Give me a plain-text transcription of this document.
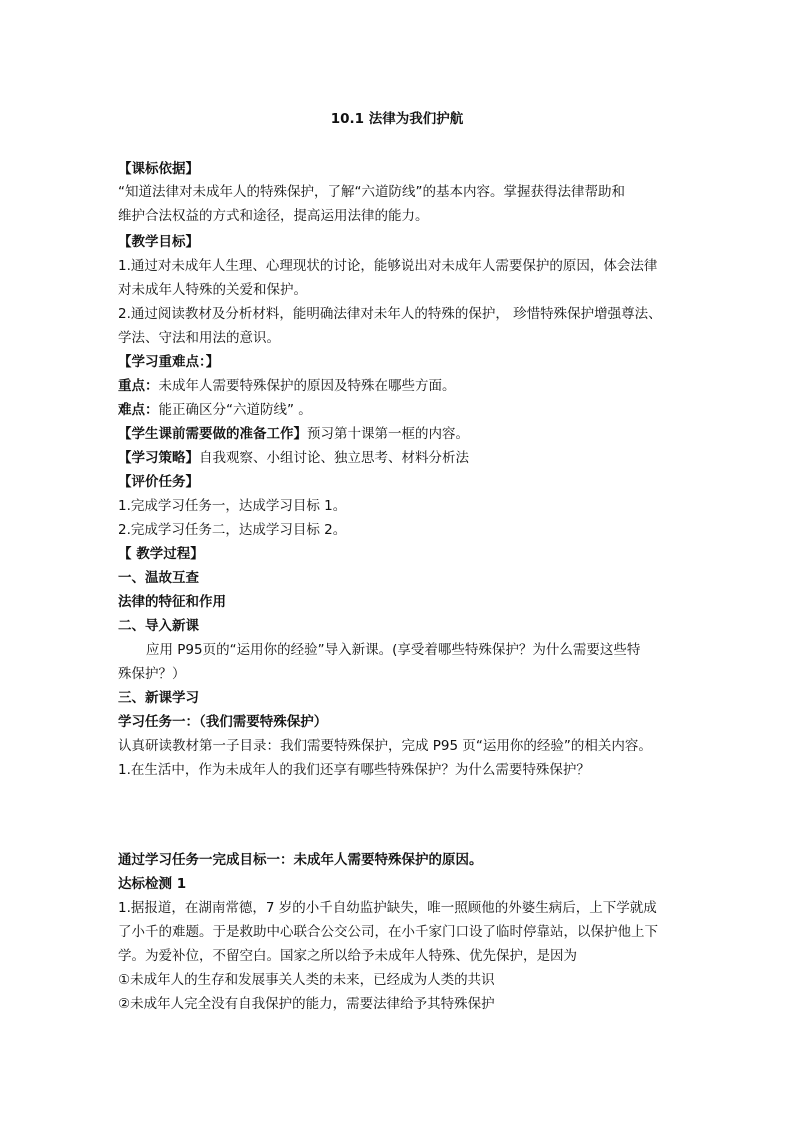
10.1 法律为我们护航
【课标依据】
“知道法律对未成年人的特殊保护，了解“六道防线”的基本内容。掌握获得法律帮助和
维护合法权益的方式和途径，提高运用法律的能力。
【教学目标】
1.通过对未成年人生理、心理现状的讨论，能够说出对未成年人需要保护的原因，体会法律
对未成年人特殊的关爱和保护。
2.通过阅读教材及分析材料，能明确法律对未年人的特殊的保护， 珍惜特殊保护增强尊法、
学法、守法和用法的意识。
【学习重难点：】
重点：未成年人需要特殊保护的原因及特殊在哪些方面。
难点：能正确区分“六道防线” 。
【学生课前需要做的准备工作】预习第十课第一框的内容。
【学习策略】自我观察、小组讨论、独立思考、材料分析法
【评价任务】
1.完成学习任务一，达成学习目标 1。
2.完成学习任务二，达成学习目标 2。
【 教学过程】
一、温故互查
法律的特征和作用
二、导入新课
应用 P95页的“运用你的经验”导入新课。(享受着哪些特殊保护？为什么需要这些特
殊保护？）
三、新课学习
学习任务一：（我们需要特殊保护）
认真研读教材第一子目录：我们需要特殊保护，完成 P95 页“运用你的经验”的相关内容。
1.在生活中，作为未成年人的我们还享有哪些特殊保护？为什么需要特殊保护？
通过学习任务一完成目标一：未成年人需要特殊保护的原因。
达标检测 1
1.据报道，在湖南常德，7 岁的小千自幼监护缺失，唯一照顾他的外婆生病后，上下学就成
了小千的难题。于是救助中心联合公交公司，在小千家门口设了临时停靠站，以保护他上下
学。为爱补位，不留空白。国家之所以给予未成年人特殊、优先保护，是因为
①未成年人的生存和发展事关人类的未来，已经成为人类的共识
②未成年人完全没有自我保护的能力，需要法律给予其特殊保护
